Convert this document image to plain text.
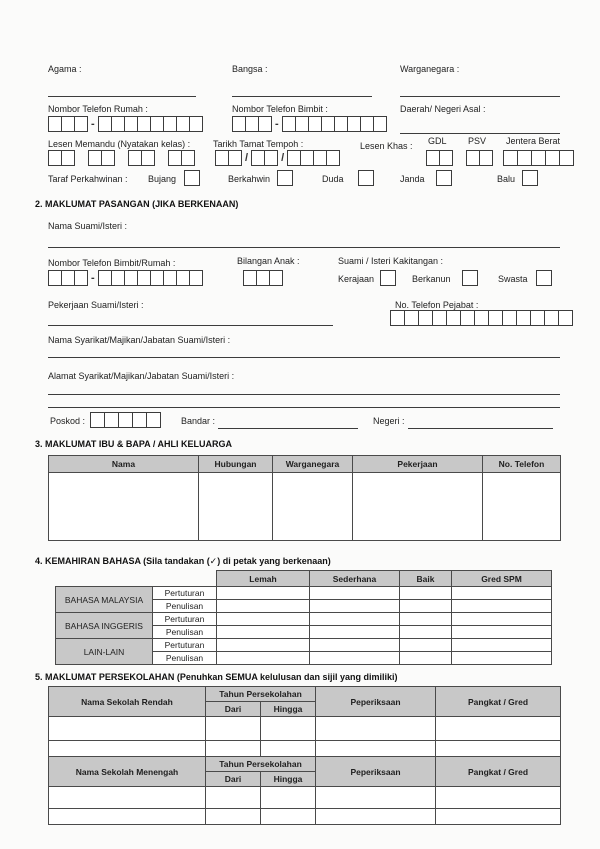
Agama :	Bangsa :	Warganegara :
Nombor Telefon Rumah :	Nombor Telefon Bimbit :	Daerah/ Negeri Asal :
-	-
Lesen Memandu (Nyatakan kelas) :	Tarikh Tamat Tempoh :	Lesen Khas : GDL PSV Jentera Berat
/	/
Taraf Perkahwinan : Bujang	Berkahwin	Duda	Janda	Balu
2. MAKLUMAT PASANGAN (JIKA BERKENAAN)
Nama Suami/Isteri :
Nombor Telefon Bimbit/Rumah :	Bilangan Anak :	Suami / Isteri Kakitangan :
-	Kerajaan	Berkanun	Swasta
Pekerjaan Suami/Isteri :	No. Telefon Pejabat :
Nama Syarikat/Majikan/Jabatan Suami/Isteri :
Alamat Syarikat/Majikan/Jabatan Suami/Isteri :
Poskod :	Bandar :	Negeri :
3. MAKLUMAT IBU & BAPA / AHLI KELUARGA
Nama	Hubungan	Warganegara	Pekerjaan	No. Telefon

4. KEMAHIRAN BAHASA (Sila tandakan (✓) di petak yang berkenaan)
		Lemah	Sederhana	Baik	Gred SPM
BAHASA MALAYSIA	Pertuturan				
	Penulisan				
BAHASA INGGERIS	Pertuturan				
	Penulisan				
LAIN-LAIN	Pertuturan				
	Penulisan				
5. MAKLUMAT PERSEKOLAHAN (Penuhkan SEMUA kelulusan dan sijil yang dimiliki)
Nama Sekolah Rendah	Tahun Persekolahan		Peperiksaan	Pangkat / Gred
	Dari	Hingga		

Nama Sekolah Menengah	Tahun Persekolahan		Peperiksaan	Pangkat / Gred
	Dari	Hingga		
